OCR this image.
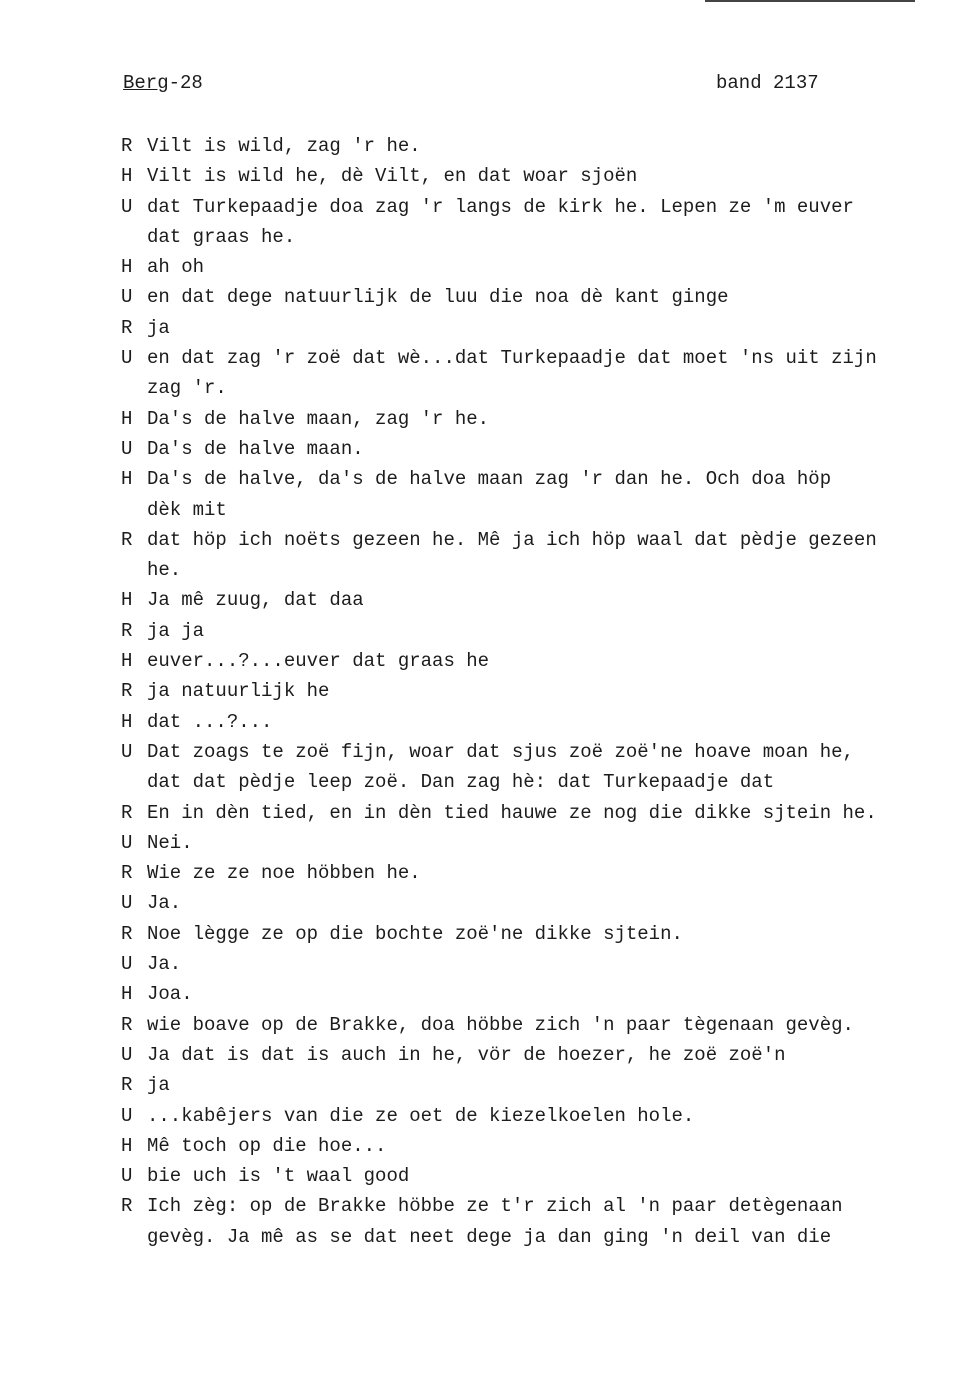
Berg-28	band 2137
R Vilt is wild, zag 'r he.
H Vilt is wild he, dè Vilt, en dat woar sjoën
U dat Turkepaadje doa zag 'r langs de kirk he. Lepen ze 'm euver
dat graas he.
H ah oh
U en dat dege natuurlijk de luu die noa dè kant ginge
R ja
U en dat zag 'r zoë dat wè...dat Turkepaadje dat moet 'ns uit zijn
zag 'r.
H Da's de halve maan, zag 'r he.
U Da's de halve maan.
H Da's de halve, da's de halve maan zag 'r dan he. Och doa höp
dèk mit
R dat höp ich noëts gezeen he. Mê ja ich höp waal dat pèdje gezeen
he.
H Ja mê zuug, dat daa
R ja ja
H euver...?...euver dat graas he
R ja natuurlijk he
H dat ...?...
U Dat zoags te zoë fijn, woar dat sjus zoë zoë'ne hoave moan he,
dat dat pèdje leep zoë. Dan zag hè: dat Turkepaadje dat
R En in dèn tied, en in dèn tied hauwe ze nog die dikke sjtein he.
U Nei.
R Wie ze ze noe höbben he.
U Ja.
R Noe lègge ze op die bochte zoë'ne dikke sjtein.
U Ja.
H Joa.
R wie boave op de Brakke, doa höbbe zich 'n paar tègenaan gevèg.
U Ja dat is dat is auch in he, vör de hoezer, he zoë zoë'n
R ja
U ...kabêjers van die ze oet de kiezelkoelen hole.
H Mê toch op die hoe...
U bie uch is 't waal good
R Ich zèg: op de Brakke höbbe ze t'r zich al 'n paar detègenaan
gevèg. Ja mê as se dat neet dege ja dan ging 'n deil van die
